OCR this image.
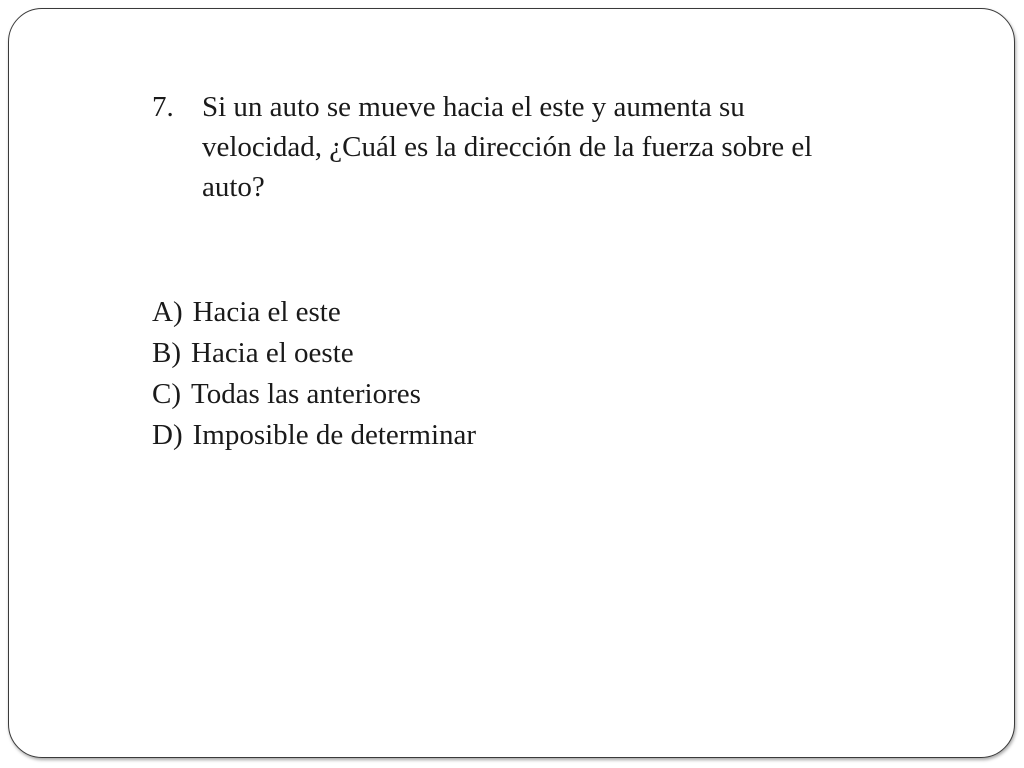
7. Si un auto se mueve hacia el este y aumenta su velocidad, ¿Cuál es la dirección de la fuerza sobre el auto?
A) Hacia el este
B) Hacia el oeste
C) Todas las anteriores
D) Imposible de determinar
